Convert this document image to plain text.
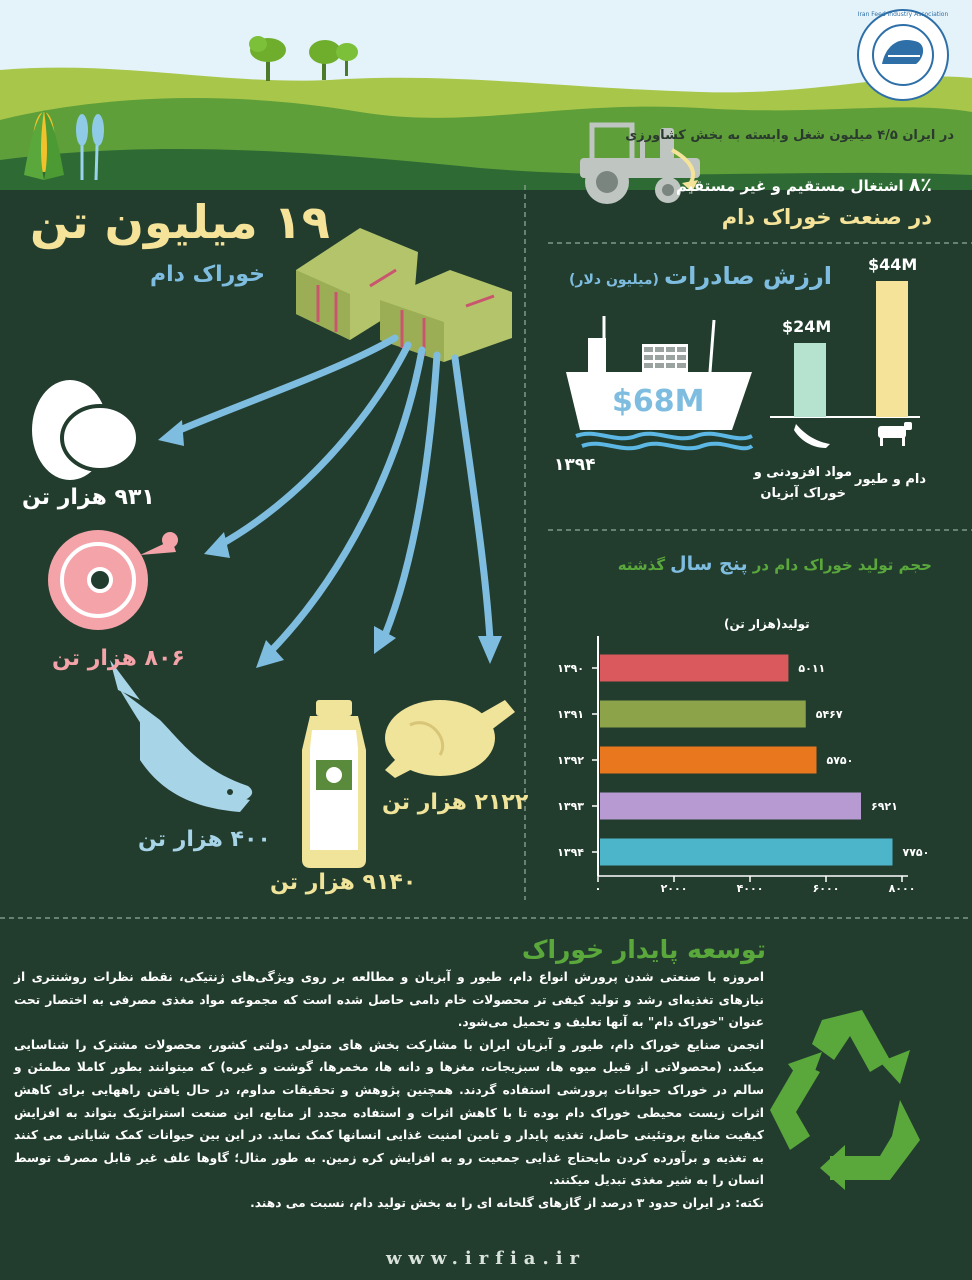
Iran Feed Industry Association
در ایران ۴/۵ میلیون شغل وابسته به بخش کشاورزی
۸٪ اشتغال مستقیم و غیر مستقیم
در صنعت خوراک دام
۱۹ میلیون تن
خوراک دام
۹۳۱ هزار تن
۸۰۶ هزار تن
۴۰۰ هزار تن
۹۱۴۰ هزار تن
۲۱۲۲ هزار تن
ارزش صادرات (میلیون دلار)
$68M
۱۳۹۴
$44M
$24M
دام و طیور
مواد افزودنی و
خوراک آبزیان
حجم تولید خوراک دام در پنج سال گذشته
تولید(هزار تن)
۰	۲۰۰۰	۴۰۰۰	۶۰۰۰	۸۰۰۰
۱۳۹۰	۵۰۱۱
۱۳۹۱	۵۴۶۷
۱۳۹۲	۵۷۵۰
۱۳۹۳	۶۹۲۱
۱۳۹۴	۷۷۵۰
توسعه پایدار خوراک

امروزه با صنعتی شدن پرورش انواع دام، طیور و آبزیان و مطالعه بر روی ویژگی‌های ژنتیکی، نقطه نظرات روشنتری از نیازهای تغذیه‌ای رشد و تولید کیفی تر محصولات خام دامی حاصل شده است که مجموعه مواد مغذی مصرفی به اختصار تحت عنوان "خوراک دام" به آنها تعلیف و تحمیل می‌شود.

انجمن صنایع خوراک دام، طیور و آبزیان ایران با مشارکت بخش های متولی دولتی کشور، محصولات مشترک را شناسایی میکند. (محصولاتی از قبیل میوه ها، سبزیجات، مغزها و دانه ها، مخمرها، گوشت و غیره) که میتوانند بطور کاملا مطمئن و سالم در خوراک حیوانات پرورشی استفاده گردند. همچنین پژوهش و تحقیقات مداوم، در حال یافتن راههایی برای کاهش اثرات زیست محیطی خوراک دام بوده تا با کاهش اثرات و استفاده مجدد از منابع، این صنعت استراتژیک بتواند به افزایش کیفیت منابع پروتئینی حاصل، تغذیه پایدار و تامین امنیت غذایی انسانها کمک نماید. در این بین حیوانات کمک شایانی می کنند به تغذیه و برآورده کردن مایحتاج غذایی جمعیت رو به افزایش کره زمین. به طور مثال؛ گاوها علف غیر قابل مصرف توسط انسان را به شیر مغذی تبدیل میکنند.

نکته: در ایران حدود ۳ درصد از گازهای گلخانه ای را به بخش تولید دام، نسبت می دهند.

www.irfia.ir
